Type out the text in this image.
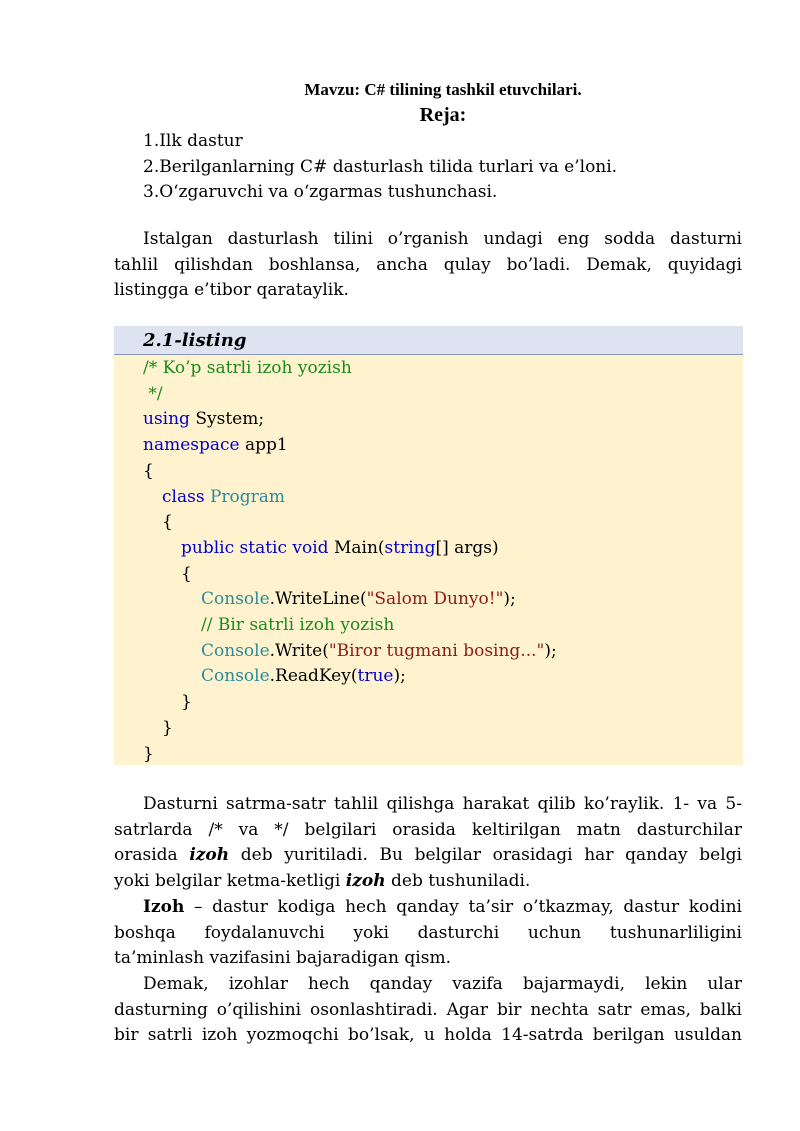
Mavzu: C# tilining tashkil etuvchilari.
Reja:
1.Ilk dastur
2.Berilganlarning C# dasturlash tilida turlari va e’loni.
3.O‘zgaruvchi va o‘zgarmas tushunchasi.
Istalgan dasturlash tilini o’rganish undagi eng sodda dasturni
tahlil qilishdan boshlansa, ancha qulay bo’ladi. Demak, quyidagi
listingga e’tibor qarataylik.
2.1-listing
/* Ko’p satrli izoh yozish
*/
using System;
namespace app1
{
class Program
{
public static void Main(string[] args)
{
Console.WriteLine("Salom Dunyo!");
// Bir satrli izoh yozish
Console.Write("Biror tugmani bosing...");
Console.ReadKey(true);
}
}
}
Dasturni satrma-satr tahlil qilishga harakat qilib ko’raylik. 1- va 5-
satrlarda /* va */ belgilari orasida keltirilgan matn dasturchilar
orasida izoh deb yuritiladi. Bu belgilar orasidagi har qanday belgi
yoki belgilar ketma-ketligi izoh deb tushuniladi.
Izoh – dastur kodiga hech qanday ta’sir o’tkazmay, dastur kodini
boshqa foydalanuvchi yoki dasturchi uchun tushunarliligini
ta’minlash vazifasini bajaradigan qism.
Demak, izohlar hech qanday vazifa bajarmaydi, lekin ular
dasturning o’qilishini osonlashtiradi. Agar bir nechta satr emas, balki
bir satrli izoh yozmoqchi bo’lsak, u holda 14-satrda berilgan usuldan
